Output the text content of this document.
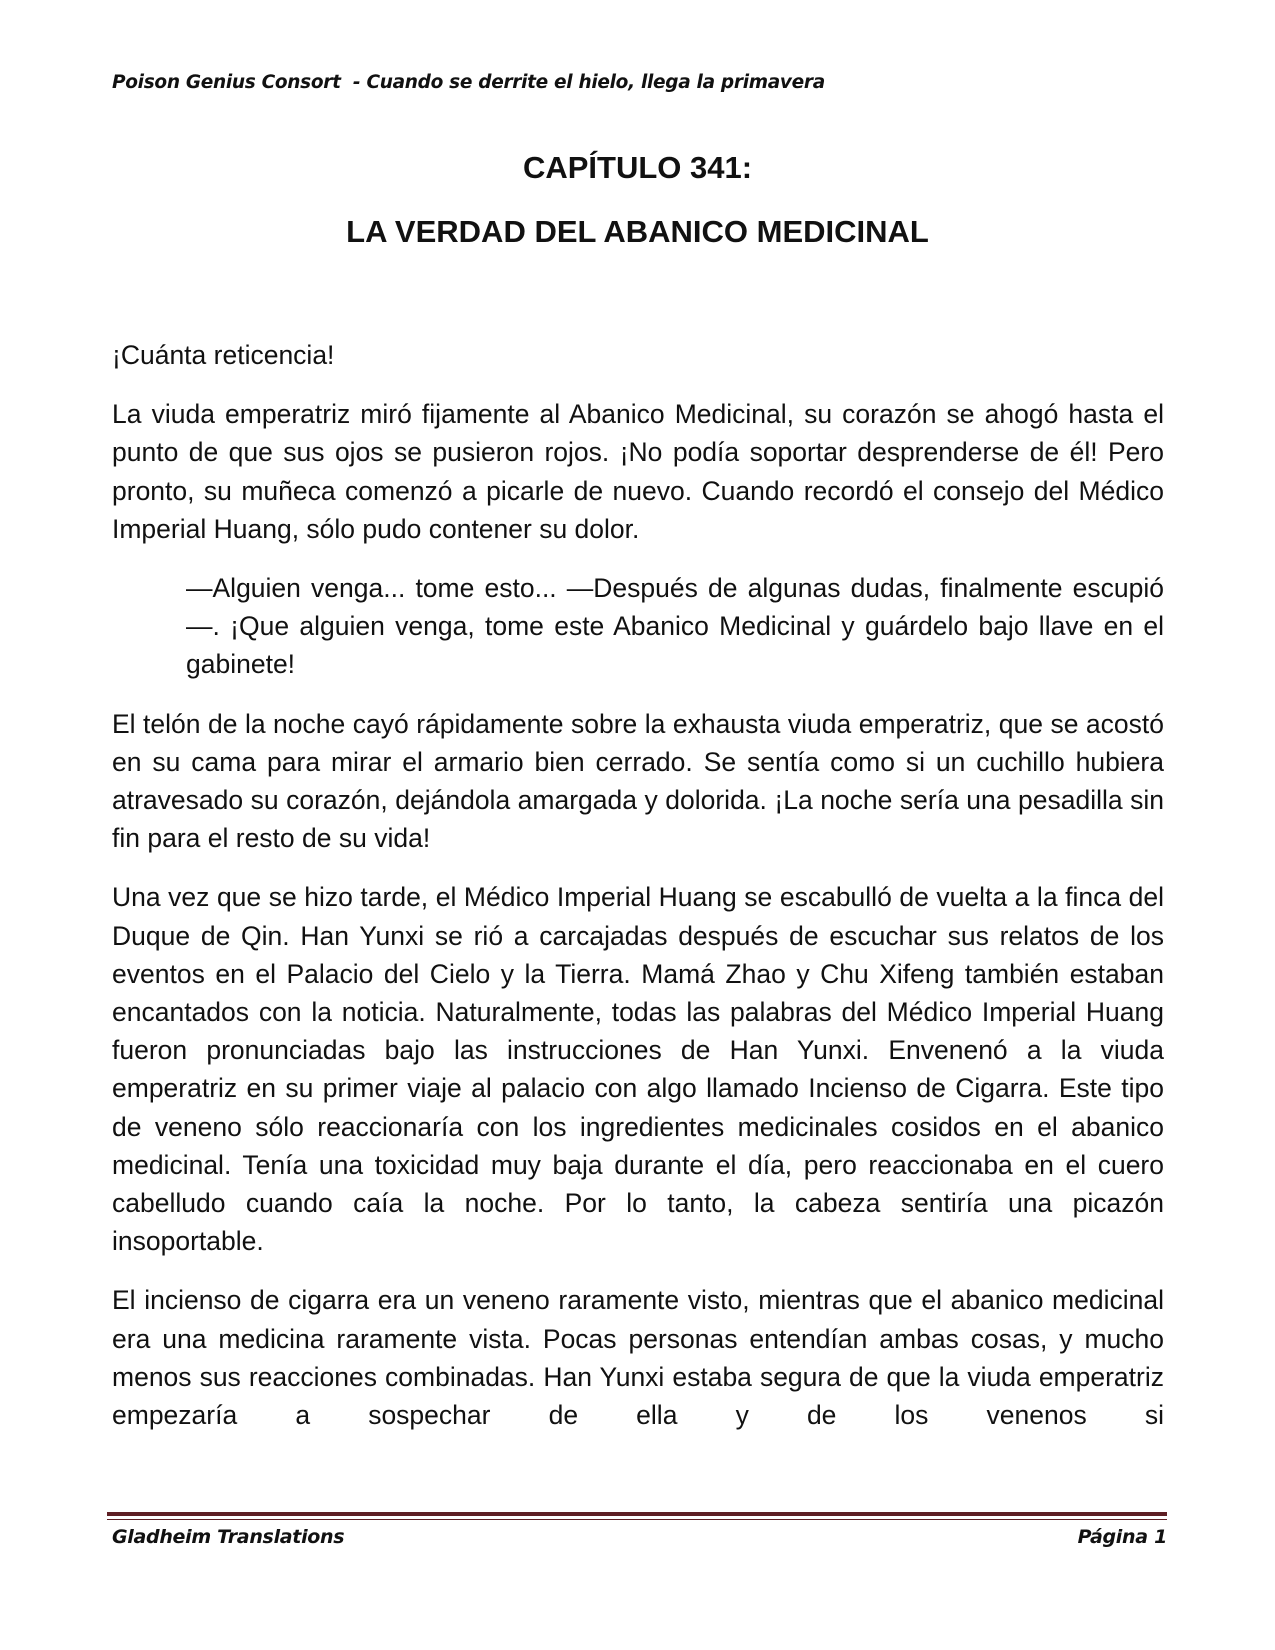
Poison Genius Consort  - Cuando se derrite el hielo, llega la primavera
CAPÍTULO 341:
LA VERDAD DEL ABANICO MEDICINAL

¡Cuánta reticencia!

La viuda emperatriz miró fijamente al Abanico Medicinal, su corazón se ahogó hasta el punto de que sus ojos se pusieron rojos. ¡No podía soportar desprenderse de él! Pero pronto, su muñeca comenzó a picarle de nuevo. Cuando recordó el consejo del Médico Imperial Huang, sólo pudo contener su dolor.

—Alguien venga... tome esto... —Después de algunas dudas, finalmente escupió—. ¡Que alguien venga, tome este Abanico Medicinal y guárdelo bajo llave en el gabinete!

El telón de la noche cayó rápidamente sobre la exhausta viuda emperatriz, que se acostó en su cama para mirar el armario bien cerrado. Se sentía como si un cuchillo hubiera atravesado su corazón, dejándola amargada y dolorida. ¡La noche sería una pesadilla sin fin para el resto de su vida!

Una vez que se hizo tarde, el Médico Imperial Huang se escabulló de vuelta a la finca del Duque de Qin. Han Yunxi se rió a carcajadas después de escuchar sus relatos de los eventos en el Palacio del Cielo y la Tierra. Mamá Zhao y Chu Xifeng también estaban encantados con la noticia. Naturalmente, todas las palabras del Médico Imperial Huang fueron pronunciadas bajo las instrucciones de Han Yunxi. Envenenó a la viuda emperatriz en su primer viaje al palacio con algo llamado Incienso de Cigarra. Este tipo de veneno sólo reaccionaría con los ingredientes medicinales cosidos en el abanico medicinal. Tenía una toxicidad muy baja durante el día, pero reaccionaba en el cuero cabelludo cuando caía la noche. Por lo tanto, la cabeza sentiría una picazón insoportable.

El incienso de cigarra era un veneno raramente visto, mientras que el abanico medicinal era una medicina raramente vista. Pocas personas entendían ambas cosas, y mucho menos sus reacciones combinadas. Han Yunxi estaba segura de que la viuda emperatriz empezaría a sospechar de ella y de los venenos si

Gladheim Translations	Página 1
